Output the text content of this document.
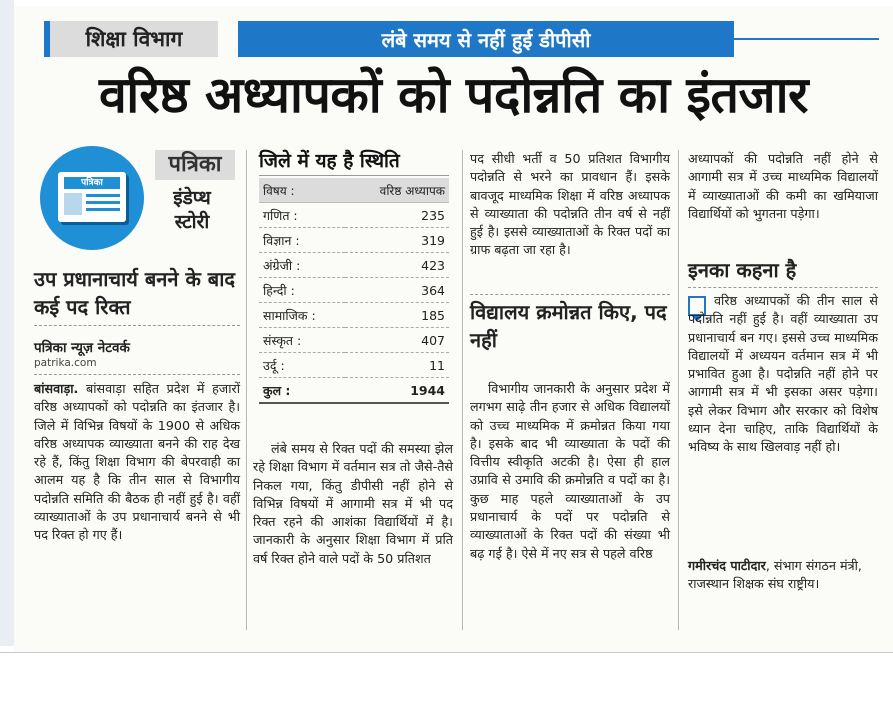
शिक्षा विभाग	लंबे समय से नहीं हुई डीपीसी
वरिष्ठ अध्यापकों को पदोन्नति का इंतजार
पत्रिका
पत्रिका
इंडेप्थ
स्टोरी
उप प्रधानाचार्य बनने के बाद कई पद रिक्त
पत्रिका न्यूज़ नेटवर्क
patrika.com

बांसवाड़ा. बांसवाड़ा सहित प्रदेश में हजारों वरिष्ठ अध्यापकों को पदोन्नति का इंतजार है। जिले में विभिन्न विषयों के 1900 से अधिक वरिष्ठ अध्यापक व्याख्याता बनने की राह देख रहे हैं, किंतु शिक्षा विभाग की बेपरवाही का आलम यह है कि तीन साल से विभागीय पदोन्नति समिति की बैठक ही नहीं हुई है। वहीं व्याख्याताओं के उप प्रधानाचार्य बनने से भी पद रिक्त हो गए हैं।

जिले में यह है स्थिति
विषय :	वरिष्ठ अध्यापक
गणित :	235
विज्ञान :	319
अंग्रेजी :	423
हिन्दी :	364
सामाजिक :	185
संस्कृत :	407
उर्दू :	11
कुल :	1944

लंबे समय से रिक्त पदों की समस्या झेल रहे शिक्षा विभाग में वर्तमान सत्र तो जैसे-तैसे निकल गया, किंतु डीपीसी नहीं होने से विभिन्न विषयों में आगामी सत्र में भी पद रिक्त रहने की आशंका विद्यार्थियों में है। जानकारी के अनुसार शिक्षा विभाग में प्रति वर्ष रिक्त होने वाले पदों के 50 प्रतिशत

पद सीधी भर्ती व 50 प्रतिशत विभागीय पदोन्नति से भरने का प्रावधान हैं। इसके बावजूद माध्यमिक शिक्षा में वरिष्ठ अध्यापक से व्याख्याता की पदोन्नति तीन वर्ष से नहीं हुई है। इससे व्याख्याताओं के रिक्त पदों का ग्राफ बढ़ता जा रहा है।

विद्यालय क्रमोन्नत किए, पद नहीं

विभागीय जानकारी के अनुसार प्रदेश में लगभग साढ़े तीन हजार से अधिक विद्यालयों को उच्च माध्यमिक में क्रमोन्नत किया गया है। इसके बाद भी व्याख्याता के पदों की वित्तीय स्वीकृति अटकी है। ऐसा ही हाल उप्रावि से उमावि की क्रमोन्नति व पदों का है। कुछ माह पहले व्याख्याताओं के उप प्रधानाचार्य के पदों पर पदोन्नति से व्याख्याताओं के रिक्त पदों की संख्या भी बढ़ गई है। ऐसे में नए सत्र से पहले वरिष्ठ

अध्यापकों की पदोन्नति नहीं होने से आगामी सत्र में उच्च माध्यमिक विद्यालयों में व्याख्याताओं की कमी का खमियाजा विद्यार्थियों को भुगतना पड़ेगा।

इनका कहना है

वरिष्ठ अध्यापकों की तीन साल से पदोन्नति नहीं हुई है। वहीं व्याख्याता उप प्रधानाचार्य बन गए। इससे उच्च माध्यमिक विद्यालयों में अध्ययन वर्तमान सत्र में भी प्रभावित हुआ है। पदोन्नति नहीं होने पर आगामी सत्र में भी इसका असर पड़ेगा। इसे लेकर विभाग और सरकार को विशेष ध्यान देना चाहिए, ताकि विद्यार्थियों के भविष्य के साथ खिलवाड़ नहीं हो।

गमीरचंद पाटीदार, संभाग संगठन मंत्री, राजस्थान शिक्षक संघ राष्ट्रीय।
